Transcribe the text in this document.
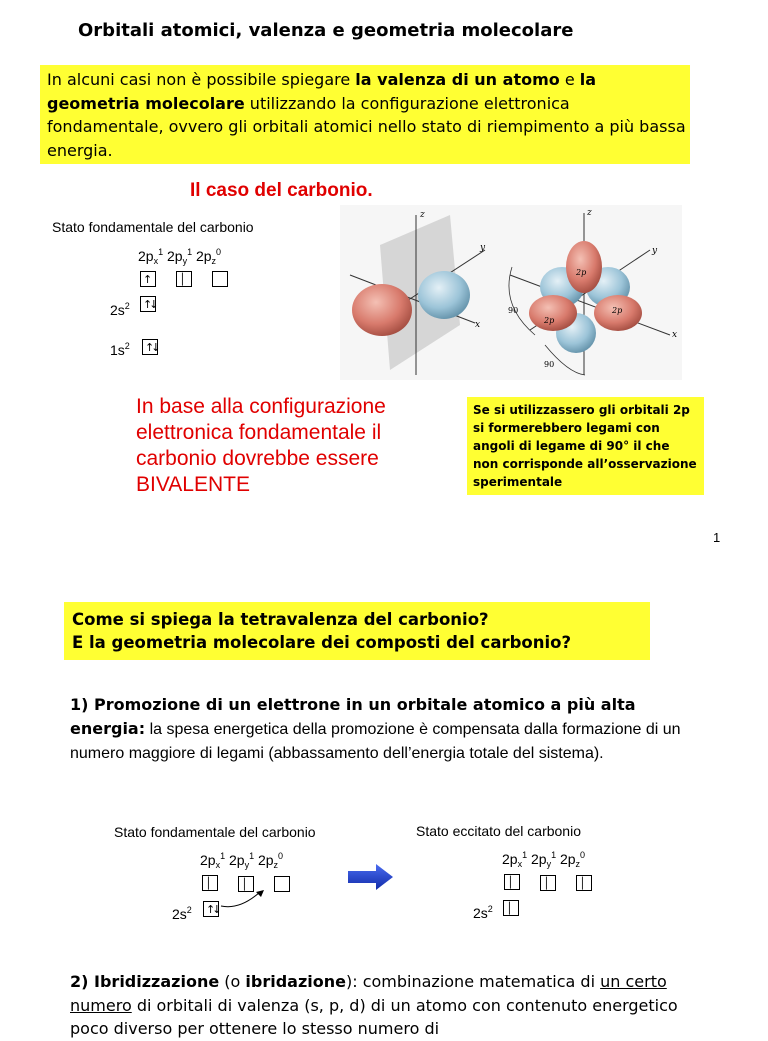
Orbitali atomici, valenza e geometria molecolare
In alcuni casi non è possibile spiegare la valenza di un atomo e la geometria molecolare utilizzando la configurazione elettronica fondamentale, ovvero gli orbitali atomici nello stato di riempimento a più bassa energia.
Il caso del carbonio.
Stato fondamentale del carbonio
$2p_x^1$ $2p_y^1$ $2p_z^0$
↑	│
$2s^2$ ↑↓
$1s^2$ ↑↓
z
y
x
z
y
x
2p
2p
2p
90
90
In base alla configurazione elettronica fondamentale il carbonio dovrebbe essere BIVALENTE
Se si utilizzassero gli orbitali 2p si formerebbero legami con angoli di legame di 90° il che non corrisponde all’osservazione sperimentale
1
Come si spiega la tetravalenza del carbonio?
E la geometria molecolare dei composti del carbonio?
1) Promozione di un elettrone in un orbitale atomico a più alta energia: la spesa energetica della promozione è compensata dalla formazione di un numero maggiore di legami (abbassamento dell’energia totale del sistema).
Stato fondamentale del carbonio	Stato eccitato del carbonio
$2p_x^1$ $2p_y^1$ $2p_z^0$
│	│
$2s^2$ ↑↓
$2p_x^1$ $2p_y^1$ $2p_z^0$
│	│	│
$2s^2$ │
2) Ibridizzazione (o ibridazione): combinazione matematica di un certo numero di orbitali di valenza (s, p, d) di un atomo con contenuto energetico poco diverso per ottenere lo stesso numero di
